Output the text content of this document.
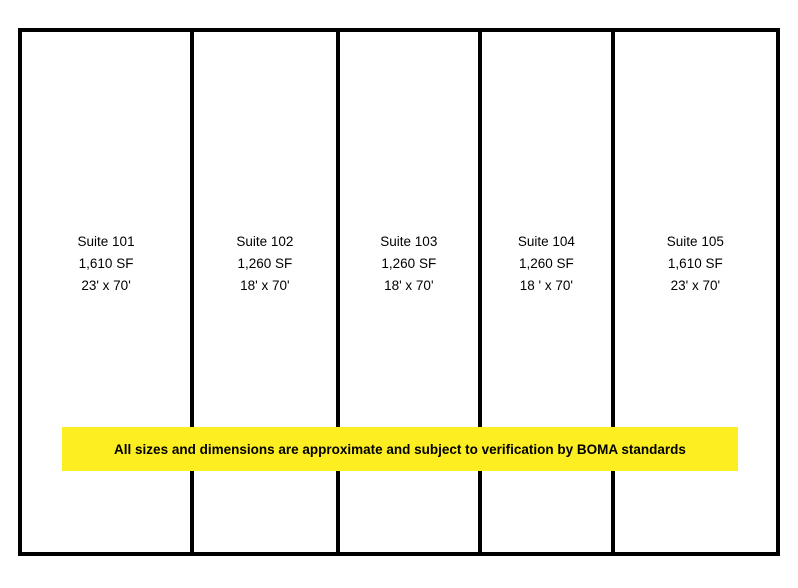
Suite 101
1,610 SF
23' x 70'
Suite 102
1,260 SF
18' x 70'
Suite 103
1,260 SF
18' x 70'
Suite 104
1,260 SF
18 ' x 70'
Suite 105
1,610 SF
23' x 70'
All sizes and dimensions are approximate and subject to verification by BOMA standards
